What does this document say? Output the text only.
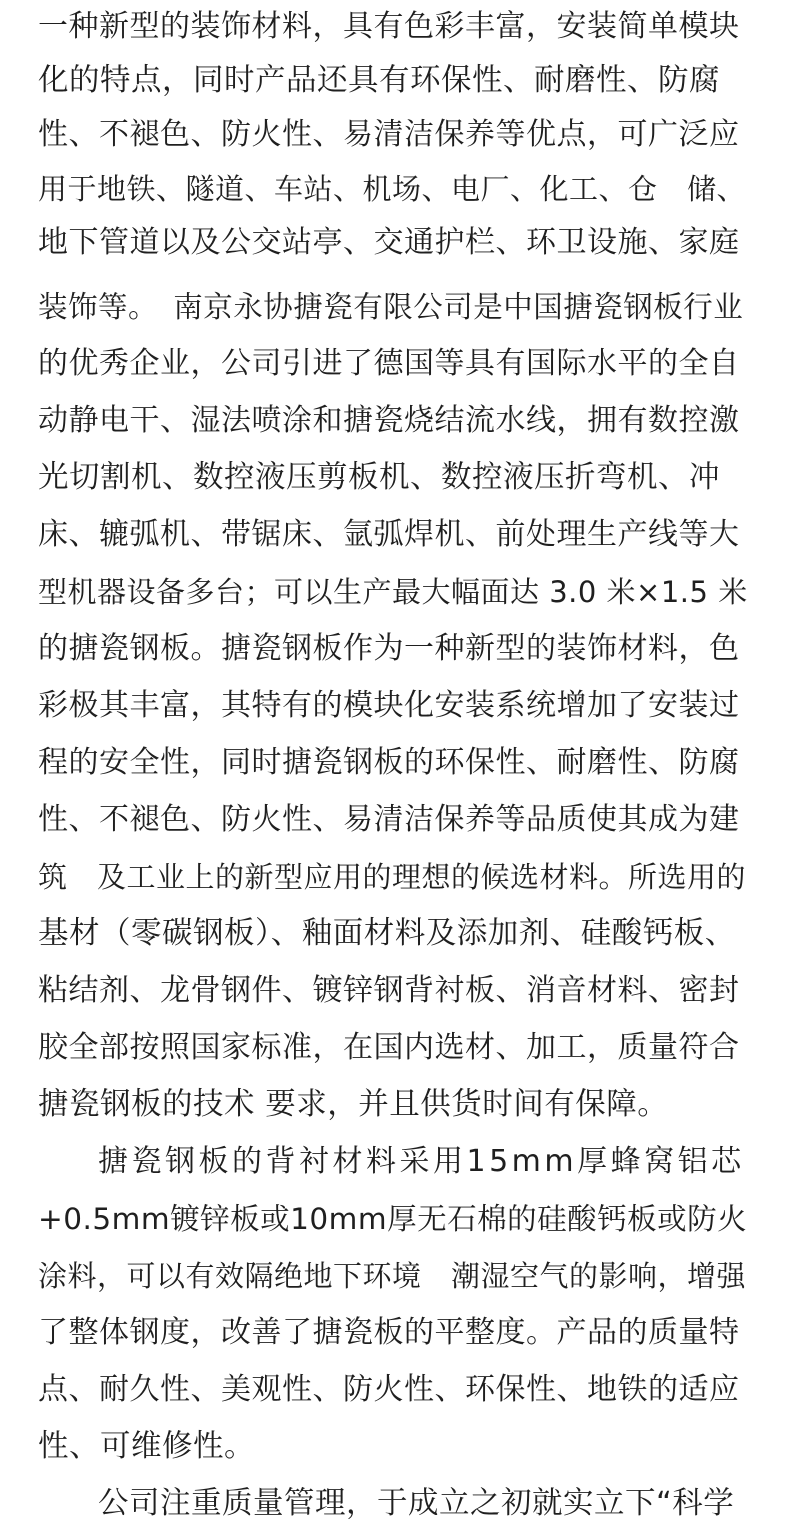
一种新型的装饰材料，具有色彩丰富，安装简单模块
化的特点，同时产品还具有环保性、耐磨性、防腐
性、不褪色、防火性、易清洁保养等优点，可广泛应
用于地铁、隧道、车站、机场、电厂、化工、仓　储、
地下管道以及公交站亭、交通护栏、环卫设施、家庭
装饰等。　南京永协搪瓷有限公司是中国搪瓷钢板行业
的优秀企业，公司引进了德国等具有国际水平的全自
动静电干、湿法喷涂和搪瓷烧结流水线，拥有数控激
光切割机、数控液压剪板机、数控液压折弯机、冲
床、辘弧机、带锯床、氩弧焊机、前处理生产线等大
型机器设备多台；可以生产最大幅面达 3.0 米×1.5 米
的搪瓷钢板。搪瓷钢板作为一种新型的装饰材料，色
彩极其丰富，其特有的模块化安装系统增加了安装过
程的安全性，同时搪瓷钢板的环保性、耐磨性、防腐
性、不褪色、防火性、易清洁保养等品质使其成为建
筑　及工业上的新型应用的理想的候选材料。所选用的
基材（零碳钢板）、釉面材料及添加剂、硅酸钙板、
粘结剂、龙骨钢件、镀锌钢背衬板、消音材料、密封
胶全部按照国家标准，在国内选材、加工，质量符合
搪瓷钢板的技术 要求，并且供货时间有保障。
搪瓷钢板的背衬材料采用15mm厚蜂窝铝芯
+0.5mm镀锌板或10mm厚无石棉的硅酸钙板或防火
涂料，可以有效隔绝地下环境　潮湿空气的影响，增强
了整体钢度，改善了搪瓷板的平整度。产品的质量特
点、耐久性、美观性、防火性、环保性、地铁的适应
性、可维修性。
公司注重质量管理，于成立之初就实立下“科学
